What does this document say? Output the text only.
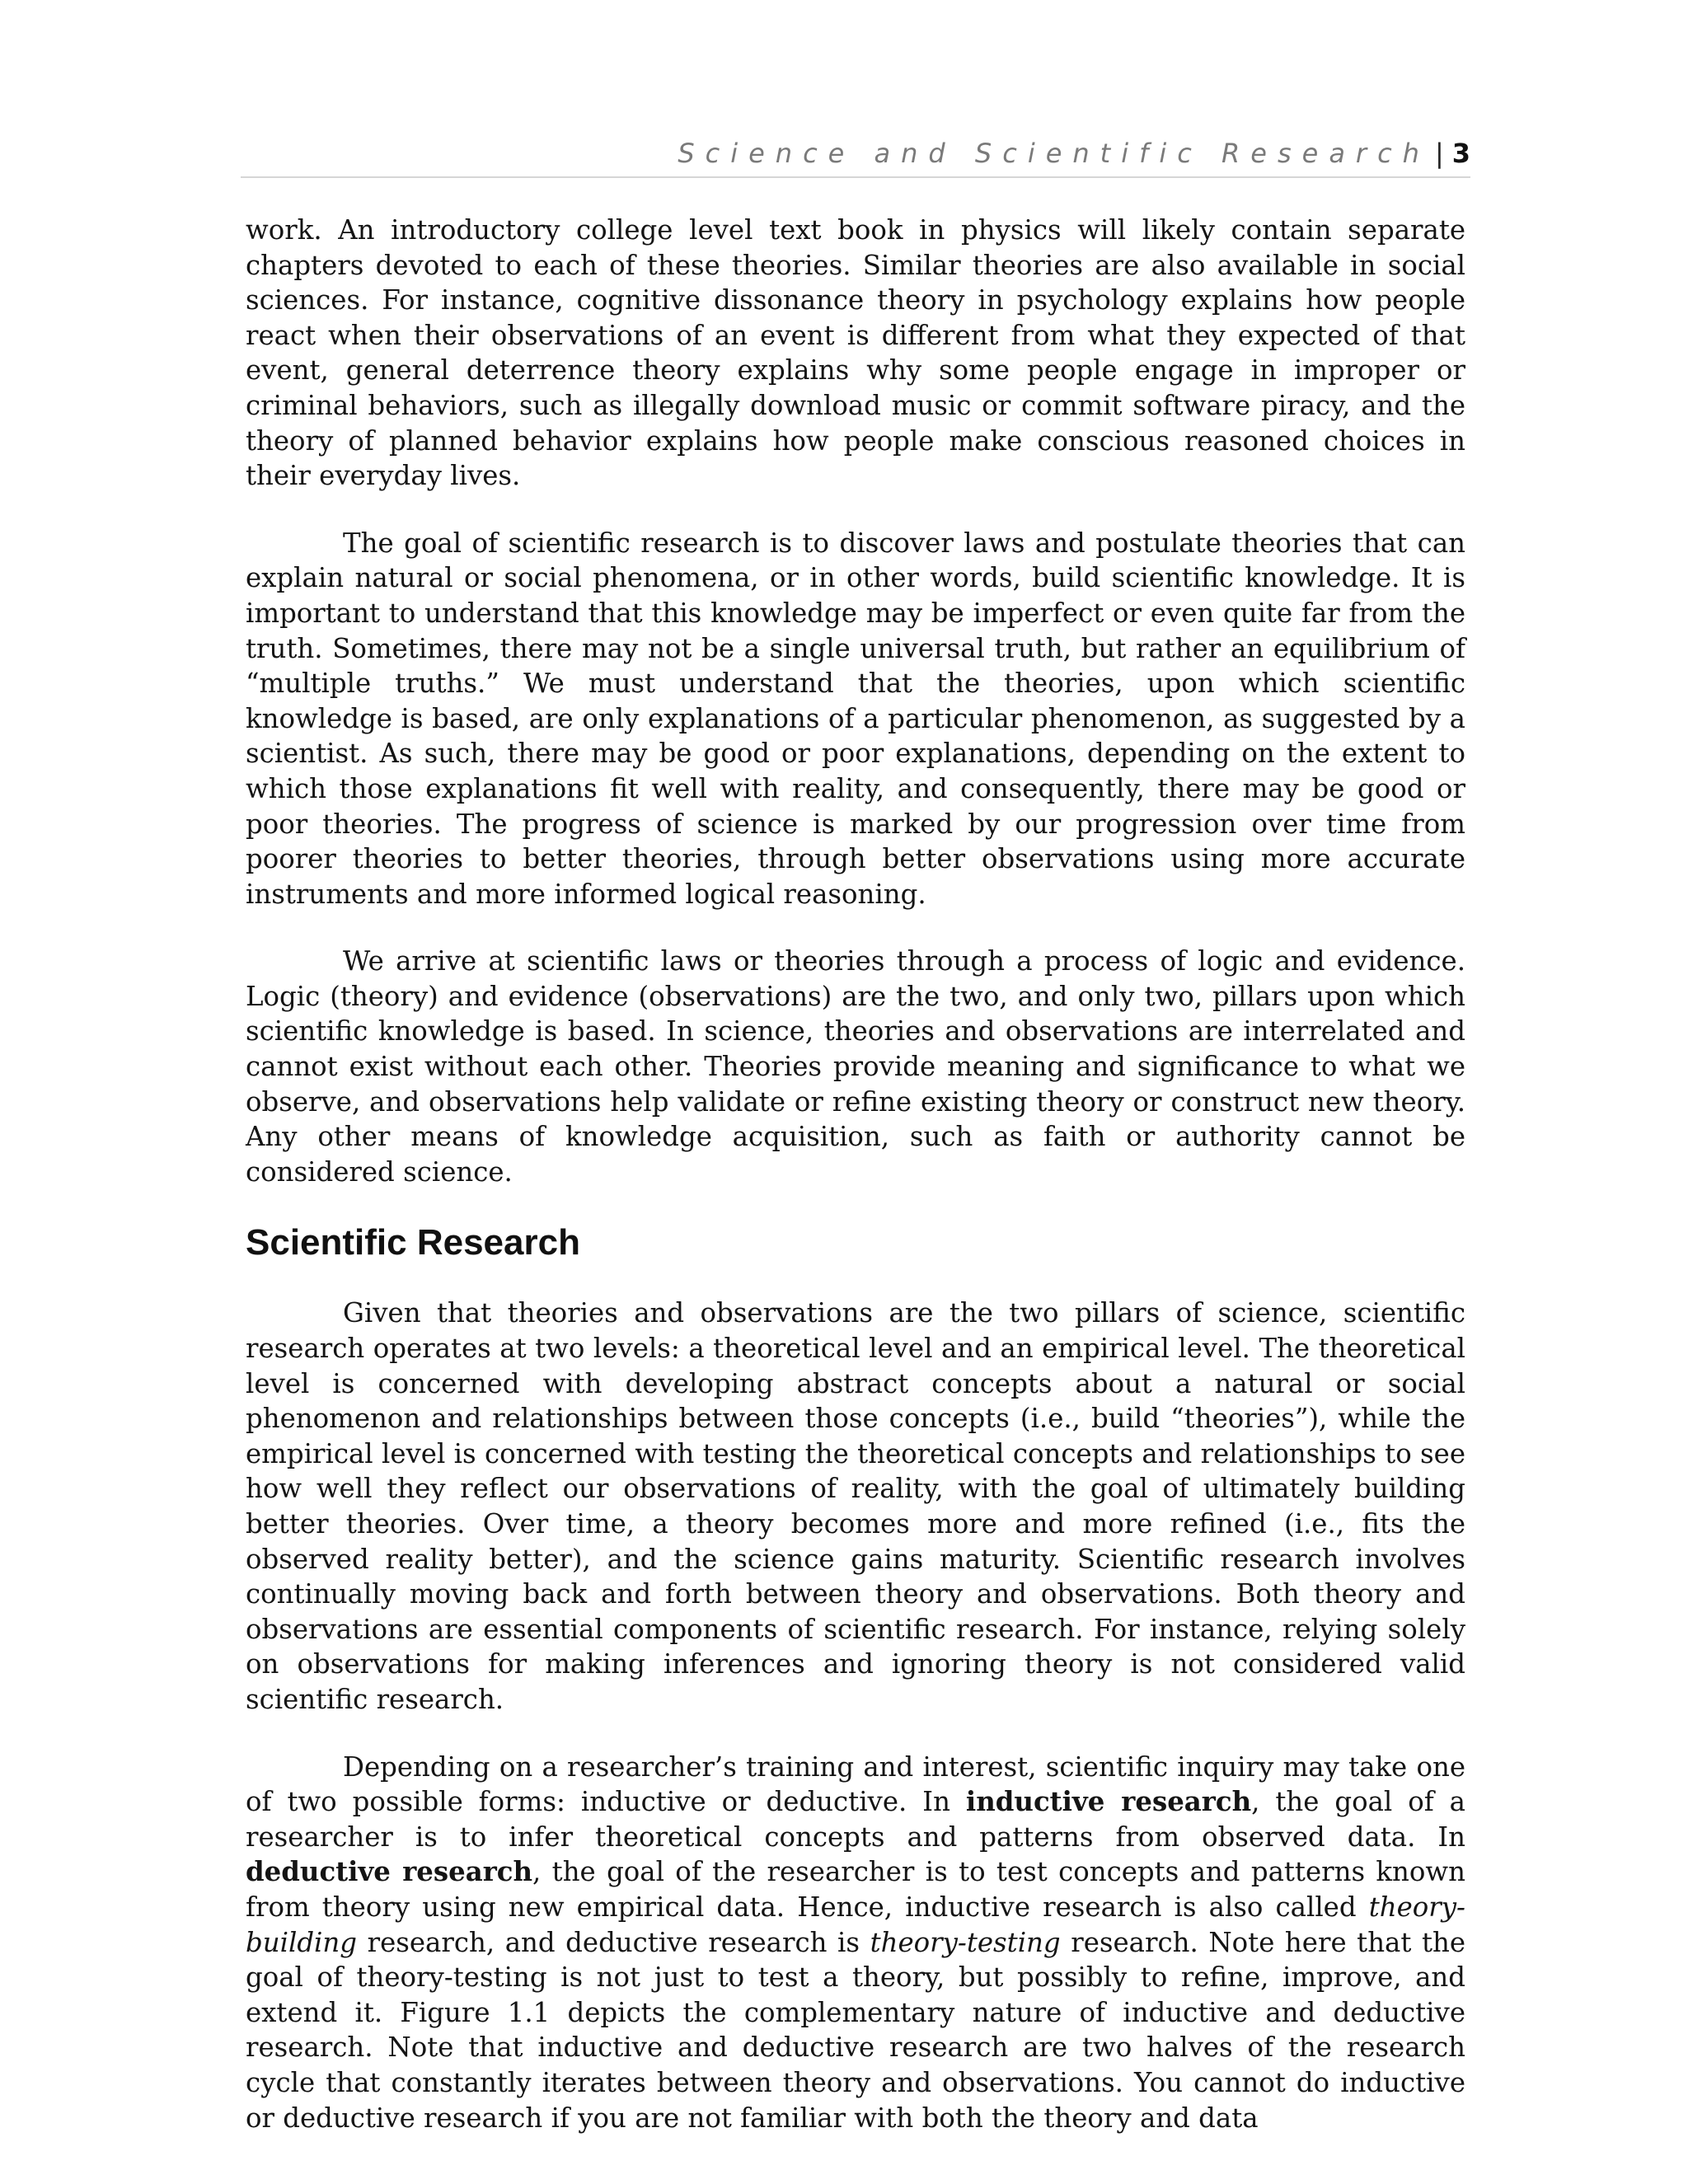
Science and Scientific Research | 3

work. An introductory college level text book in physics will likely contain separate chapters devoted to each of these theories. Similar theories are also available in social sciences. For instance, cognitive dissonance theory in psychology explains how people react when their observations of an event is different from what they expected of that event, general deterrence theory explains why some people engage in improper or criminal behaviors, such as illegally download music or commit software piracy, and the theory of planned behavior explains how people make conscious reasoned choices in their everyday lives.

The goal of scientific research is to discover laws and postulate theories that can explain natural or social phenomena, or in other words, build scientific knowledge. It is important to understand that this knowledge may be imperfect or even quite far from the truth. Sometimes, there may not be a single universal truth, but rather an equilibrium of “multiple truths.” We must understand that the theories, upon which scientific knowledge is based, are only explanations of a particular phenomenon, as suggested by a scientist. As such, there may be good or poor explanations, depending on the extent to which those explanations fit well with reality, and consequently, there may be good or poor theories. The progress of science is marked by our progression over time from poorer theories to better theories, through better observations using more accurate instruments and more informed logical reasoning.

We arrive at scientific laws or theories through a process of logic and evidence. Logic (theory) and evidence (observations) are the two, and only two, pillars upon which scientific knowledge is based. In science, theories and observations are interrelated and cannot exist without each other. Theories provide meaning and significance to what we observe, and observations help validate or refine existing theory or construct new theory. Any other means of knowledge acquisition, such as faith or authority cannot be considered science.

Scientific Research

Given that theories and observations are the two pillars of science, scientific research operates at two levels: a theoretical level and an empirical level. The theoretical level is concerned with developing abstract concepts about a natural or social phenomenon and relationships between those concepts (i.e., build “theories”), while the empirical level is concerned with testing the theoretical concepts and relationships to see how well they reflect our observations of reality, with the goal of ultimately building better theories. Over time, a theory becomes more and more refined (i.e., fits the observed reality better), and the science gains maturity. Scientific research involves continually moving back and forth between theory and observations. Both theory and observations are essential components of scientific research. For instance, relying solely on observations for making inferences and ignoring theory is not considered valid scientific research.

Depending on a researcher’s training and interest, scientific inquiry may take one of two possible forms: inductive or deductive. In inductive research, the goal of a researcher is to infer theoretical concepts and patterns from observed data. In deductive research, the goal of the researcher is to test concepts and patterns known from theory using new empirical data. Hence, inductive research is also called theory-building research, and deductive research is theory-testing research. Note here that the goal of theory-testing is not just to test a theory, but possibly to refine, improve, and extend it. Figure 1.1 depicts the complementary nature of inductive and deductive research. Note that inductive and deductive research are two halves of the research cycle that constantly iterates between theory and observations. You cannot do inductive or deductive research if you are not familiar with both the theory and data
